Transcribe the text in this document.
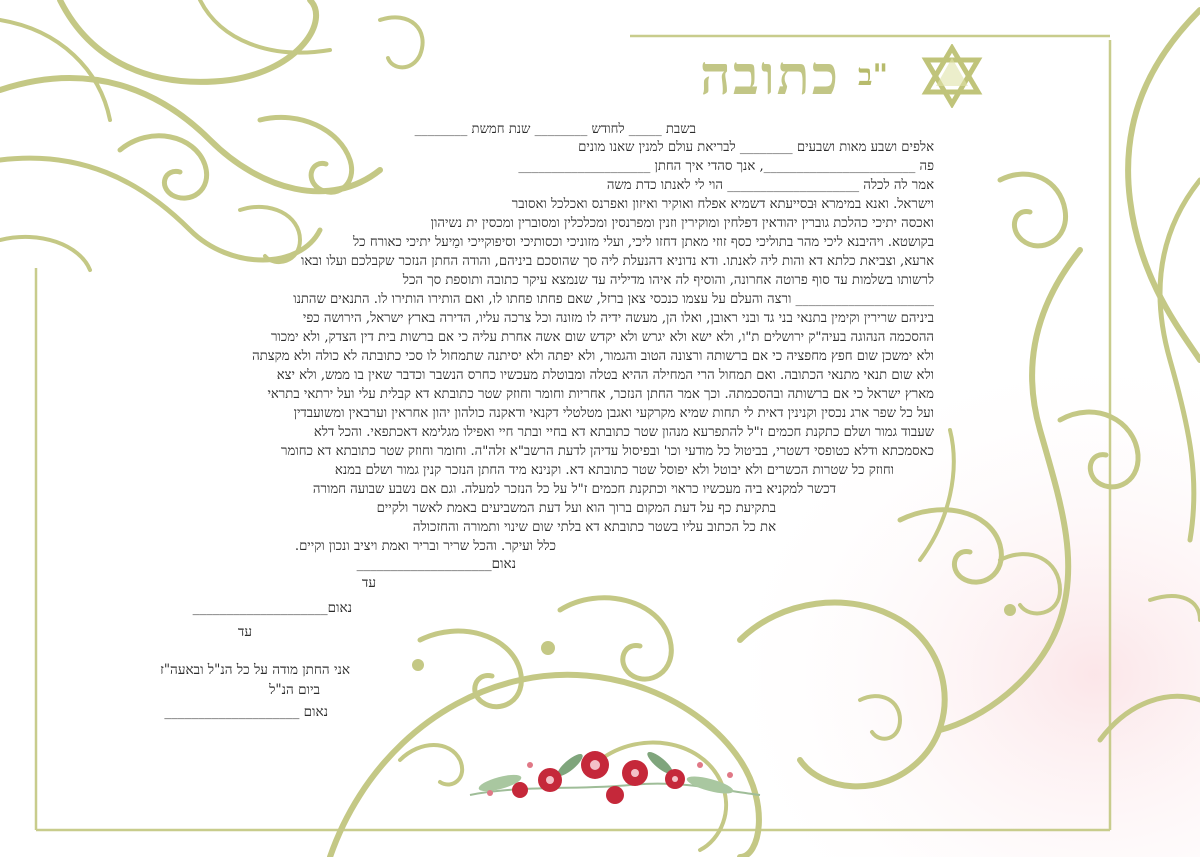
ב"
כתובה
בשבת _____ לחודש ________ שנת חמשת ________
אלפים ושבע מאות ושבעים ________ לבריאת עולם למנין שאנו מונים
פה _______________________, אנך סהדי איך החתן ____________________
אמר לה לכלה ____________________ הוי לי לאנתו כדת משה
וישראל. ואנא במימרא וּבסייעתא דשמיא אפלח ואוקיר ואיזון ואפרנס ואכלכל ואסובר
ואכסה יתיכי כהלכת גוברין יהודאין דפלחין ומוקירין וזנין ומפרנסין ומכלכלין ומסוברין ומכסין ית נשיהון
בקושטא. ויהיבנא ליכי מהר בתוליכי כסף זוזי מאתן דחזו ליכי, ועלי מזוניכי וכסותיכי וסיפוקייכי ומֵיעל יתיכי כאורח כל
ארעא, וצביאת כלתא דא והות ליה לאנתו. ודא נדוניא דהנעלת ליה סך שהוסכם ביניהם, והודה החתן הנזכר שקבלכם ועלו ובאו
לרשותו בשלמות עד סוף פרוטה אחרונה, והוסיף לה איהו מדיליה עד שנמצא עיקר כתובה ותוספת סך הכל
_____________________ ורצה והעלם על עצמו כנכסי צאן ברזל, שאם פחתו פחתו לו, ואם הותירו הותירו לו. התנאים שהתנו
ביניהם שרירין וקימין בתנאי בני גד ובני ראובן, ואלו הן, מעשה ידיה לו מזונה וכל צרכה עליו, הדירה בארץ ישראל, הירושה כפי
ההסכמה הנהוגה בעיה"ק ירושלים ת"ו, ולא ישא ולא יגרש ולא יקדש שום אשה אחרת עליה כי אם ברשות בית דין הצדק, ולא ימכור
ולא ימשכן שום חפץ מחפציה כי אם ברשותה ורצונה הטוב והגמור, ולא יפתה ולא יסיתנה שתמחול לו סכי כתובתה לא כולה ולא מקצתה
ולא שום תנאי מתנאי הכתובה. ואם תמחול הרי המחילה ההיא בטלה ומבוטלת מעכשיו כחרס הנשבר וכדבר שאין בו ממש, ולא יצא
מארץ ישראל כי אם ברשותה ובהסכמתה. וכך אמר החתן הנזכר, אחריות וחומר וחוזק שטר כתובתא דא קבלית עלי ועל ירתאי בתראי
ועל כל שפר ארג נכסין וקנינין דאית לי תחות שמיא מקרקעי ואגבן מטלטלי דקנאי ודאקנה כולהון יהון אחראין וערבאין ומשועבדין
שעבוד גמור ושלם כתקנת חכמים ז"ל להתפרעא מנהון שטר כתובתא דא בחיי ובתר חיי ואפילו מגלימא דאכתפאי. והכל דלא
כאסמכתא ודלא כטופסי דשטרי, בביטול כל מודעי וכו' ובפיסול עדיהן לדעת הרשב"א זלה"ה. וחומר וחוזק שטר כתובתא דא כחומר
וחוזק כל שטרות הכשרים ולא יבוטל ולא יפוסל שטר כתובתא דא. וקנינא מיד החתן הנזכר קנין גמור ושלם במנא
דכשר למקניא ביה מעכשיו כראוי וכתקנת חכמים ז"ל על כל הנזכר למעלה. וגם אם נשבע שבועה חמורה
בתקיעת כף על דעת המקום ברוך הוא ועל דעת המשביעים באמת לאשר ולקיים
את כל הכתוב עליו בשטר כתובתא דא בלתי שום שינוי ותמורה והחזכולה
כלל ועיקר. והכל שריר ובריר ואמת ויציב ונכון וקיים.
נאום____________________
עד
נאום____________________
עד
אני החתן מודה על כל הנ"ל ובאעה"ז
ביום הנ"ל
נאום ____________________
